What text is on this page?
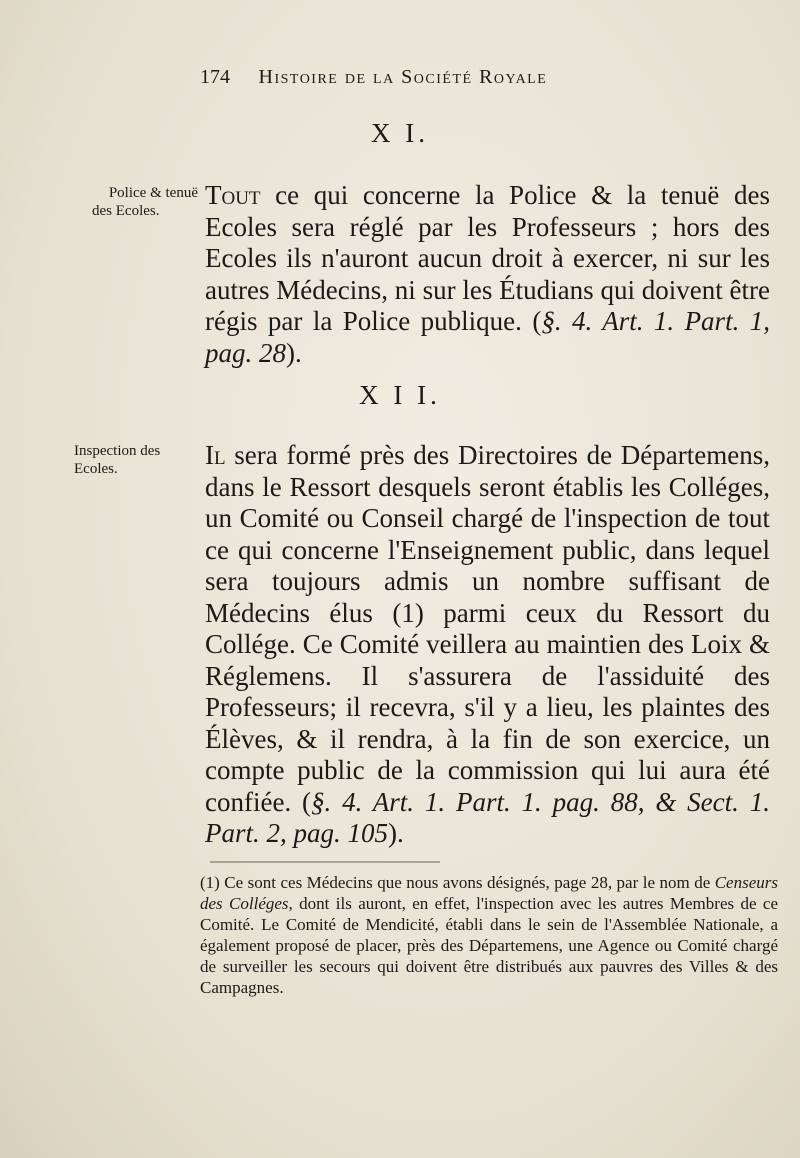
174 Histoire de la Société Royale
X I.
Police & tenuë
des Ecoles.
Tout ce qui concerne la Police & la tenuë des Ecoles sera réglé par les Professeurs ; hors des Ecoles ils n'auront aucun droit à exercer, ni sur les autres Médecins, ni sur les Étudians qui doivent être régis par la Police publique. (§. 4. Art. 1. Part. 1, pag. 28).
X I I.
Inspection des
Ecoles.	Il sera formé près des Directoires de Départemens, dans le Ressort desquels seront établis les Colléges, un Comité ou Conseil chargé de l'inspection de tout ce qui concerne l'Enseignement public, dans lequel sera toujours admis un nombre suffisant de Médecins élus (1) parmi ceux du Ressort du Collége. Ce Comité veillera au maintien des Loix & Réglemens. Il s'assurera de l'assiduité des Professeurs; il recevra, s'il y a lieu, les plaintes des Élèves, & il rendra, à la fin de son exercice, un compte public de la commission qui lui aura été confiée. (§. 4. Art. 1. Part. 1. pag. 88, & Sect. 1. Part. 2, pag. 105).
(1) Ce sont ces Médecins que nous avons désignés, page 28, par le nom de Censeurs des Colléges, dont ils auront, en effet, l'inspection avec les autres Membres de ce Comité. Le Comité de Mendicité, établi dans le sein de l'Assemblée Nationale, a également proposé de placer, près des Départemens, une Agence ou Comité chargé de surveiller les secours qui doivent être distribués aux pauvres des Villes & des Campagnes.
